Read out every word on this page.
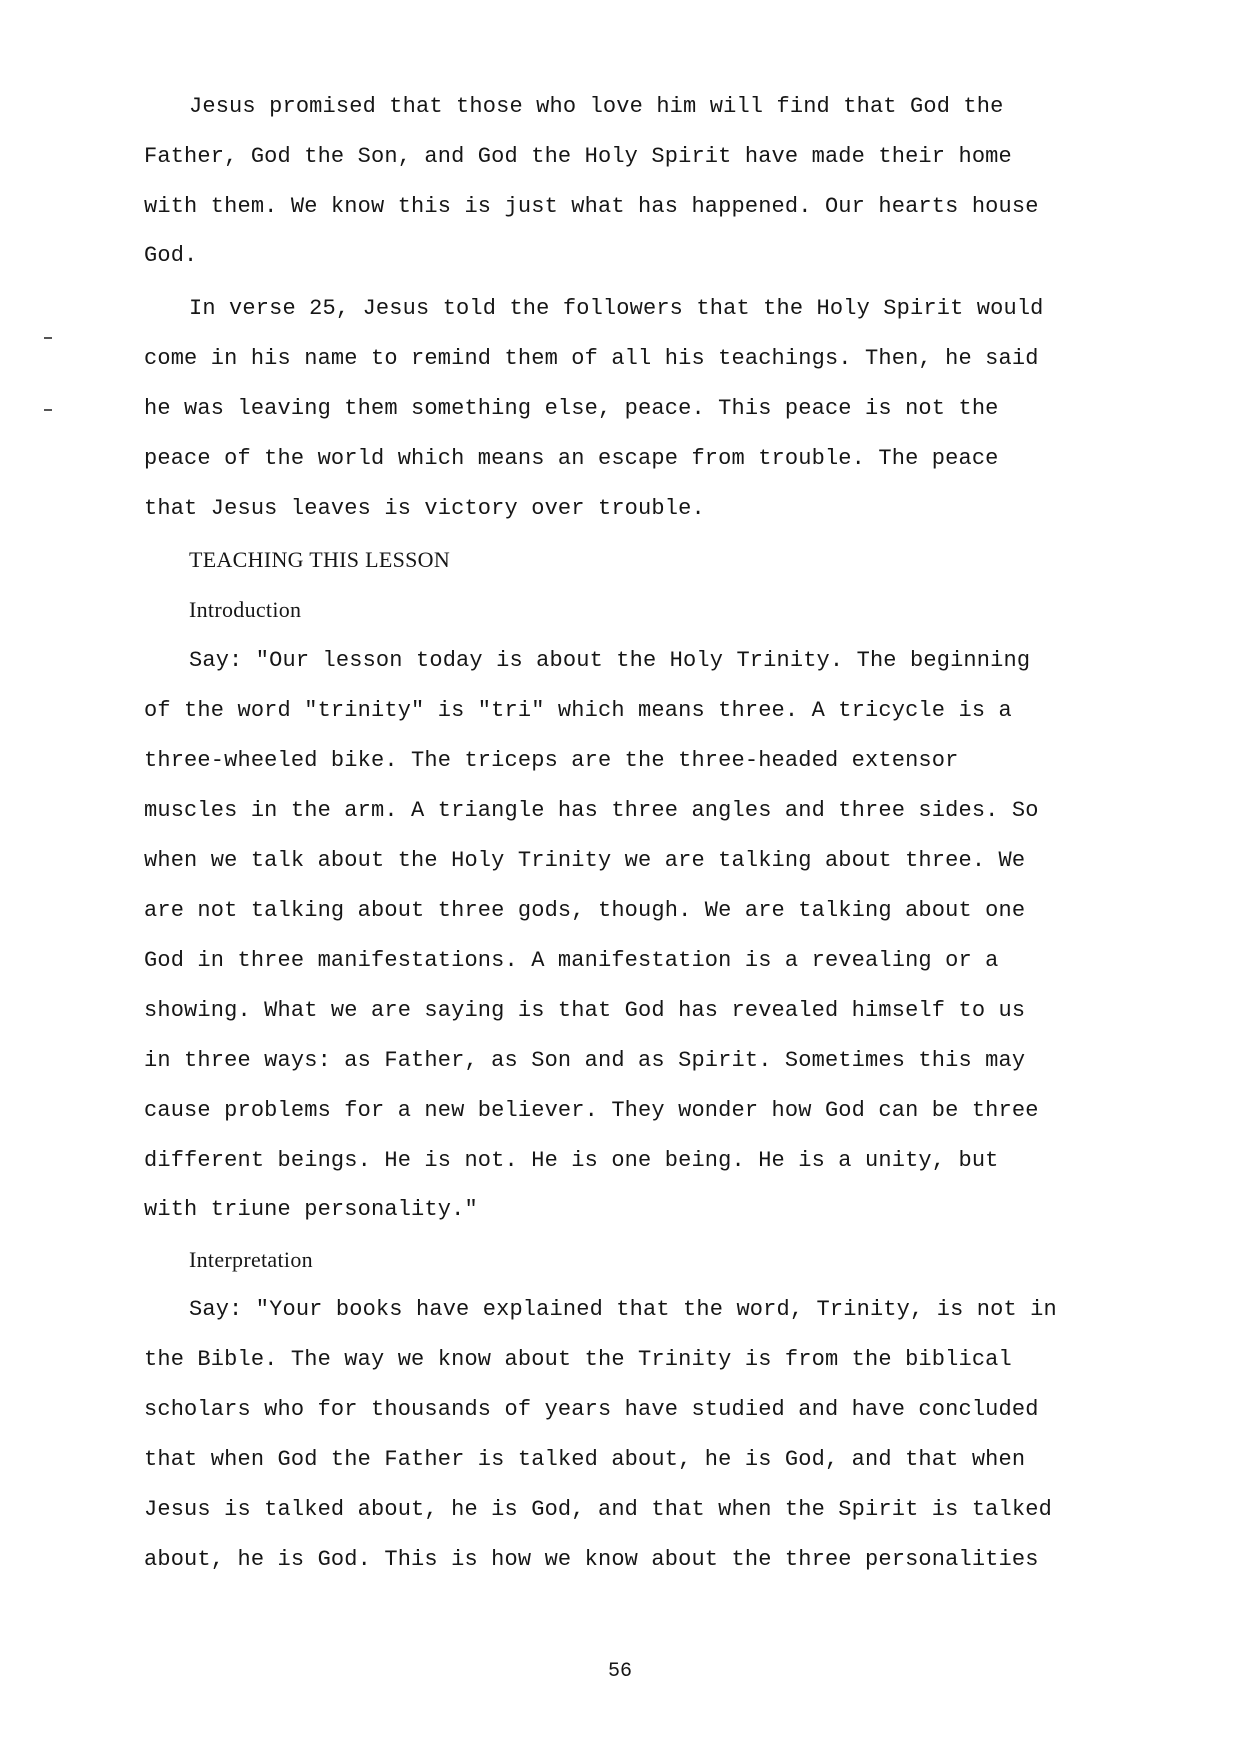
Jesus promised that those who love him will find that God the
Father, God the Son, and God the Holy Spirit have made their home
with them. We know this is just what has happened. Our hearts house
God.
In verse 25, Jesus told the followers that the Holy Spirit would
come in his name to remind them of all his teachings. Then, he said
he was leaving them something else, peace. This peace is not the
peace of the world which means an escape from trouble. The peace
that Jesus leaves is victory over trouble.
TEACHING THIS LESSON
Introduction
Say: "Our lesson today is about the Holy Trinity. The beginning
of the word "trinity" is "tri" which means three. A tricycle is a
three-wheeled bike. The triceps are the three-headed extensor
muscles in the arm. A triangle has three angles and three sides. So
when we talk about the Holy Trinity we are talking about three. We
are not talking about three gods, though. We are talking about one
God in three manifestations. A manifestation is a revealing or a
showing. What we are saying is that God has revealed himself to us
in three ways: as Father, as Son and as Spirit. Sometimes this may
cause problems for a new believer. They wonder how God can be three
different beings. He is not. He is one being. He is a unity, but
with triune personality."
Interpretation
Say: "Your books have explained that the word, Trinity, is not in
the Bible. The way we know about the Trinity is from the biblical
scholars who for thousands of years have studied and have concluded
that when God the Father is talked about, he is God, and that when
Jesus is talked about, he is God, and that when the Spirit is talked
about, he is God. This is how we know about the three personalities
56
